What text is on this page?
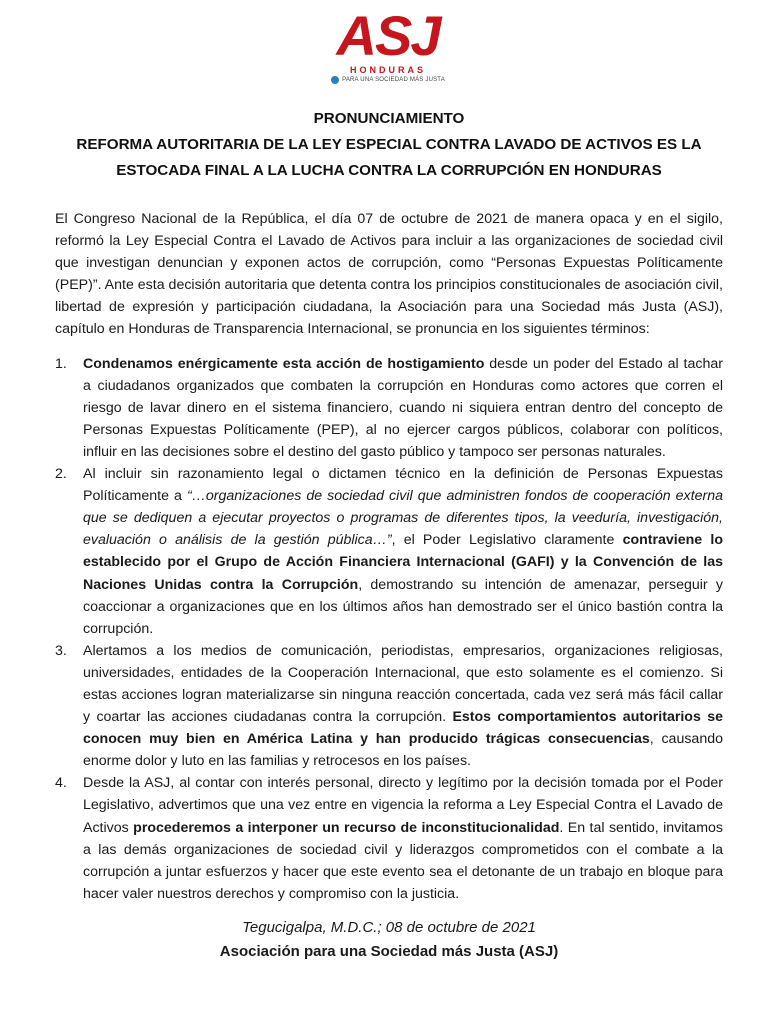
ASJ
HONDURAS
PARA UNA SOCIEDAD MÁS JUSTA
PRONUNCIAMIENTO
REFORMA AUTORITARIA DE LA LEY ESPECIAL CONTRA LAVADO DE ACTIVOS ES LA
ESTOCADA FINAL A LA LUCHA CONTRA LA CORRUPCIÓN EN HONDURAS

El Congreso Nacional de la República, el día 07 de octubre de 2021 de manera opaca y en el sigilo, reformó la Ley Especial Contra el Lavado de Activos para incluir a las organizaciones de sociedad civil que investigan denuncian y exponen actos de corrupción, como “Personas Expuestas Políticamente (PEP)”. Ante esta decisión autoritaria que detenta contra los principios constitucionales de asociación civil, libertad de expresión y participación ciudadana, la Asociación para una Sociedad más Justa (ASJ), capítulo en Honduras de Transparencia Internacional, se pronuncia en los siguientes términos:

1. Condenamos enérgicamente esta acción de hostigamiento desde un poder del Estado al tachar a ciudadanos organizados que combaten la corrupción en Honduras como actores que corren el riesgo de lavar dinero en el sistema financiero, cuando ni siquiera entran dentro del concepto de Personas Expuestas Políticamente (PEP), al no ejercer cargos públicos, colaborar con políticos, influir en las decisiones sobre el destino del gasto público y tampoco ser personas naturales.
2. Al incluir sin razonamiento legal o dictamen técnico en la definición de Personas Expuestas Políticamente a “…organizaciones de sociedad civil que administren fondos de cooperación externa que se dediquen a ejecutar proyectos o programas de diferentes tipos, la veeduría, investigación, evaluación o análisis de la gestión pública…”, el Poder Legislativo claramente contraviene lo establecido por el Grupo de Acción Financiera Internacional (GAFI) y la Convención de las Naciones Unidas contra la Corrupción, demostrando su intención de amenazar, perseguir y coaccionar a organizaciones que en los últimos años han demostrado ser el único bastión contra la corrupción.
3. Alertamos a los medios de comunicación, periodistas, empresarios, organizaciones religiosas, universidades, entidades de la Cooperación Internacional, que esto solamente es el comienzo. Si estas acciones logran materializarse sin ninguna reacción concertada, cada vez será más fácil callar y coartar las acciones ciudadanas contra la corrupción. Estos comportamientos autoritarios se conocen muy bien en América Latina y han producido trágicas consecuencias, causando enorme dolor y luto en las familias y retrocesos en los países.
4. Desde la ASJ, al contar con interés personal, directo y legítimo por la decisión tomada por el Poder Legislativo, advertimos que una vez entre en vigencia la reforma a Ley Especial Contra el Lavado de Activos procederemos a interponer un recurso de inconstitucionalidad. En tal sentido, invitamos a las demás organizaciones de sociedad civil y liderazgos comprometidos con el combate a la corrupción a juntar esfuerzos y hacer que este evento sea el detonante de un trabajo en bloque para hacer valer nuestros derechos y compromiso con la justicia.
Tegucigalpa, M.D.C.; 08 de octubre de 2021
Asociación para una Sociedad más Justa (ASJ)
